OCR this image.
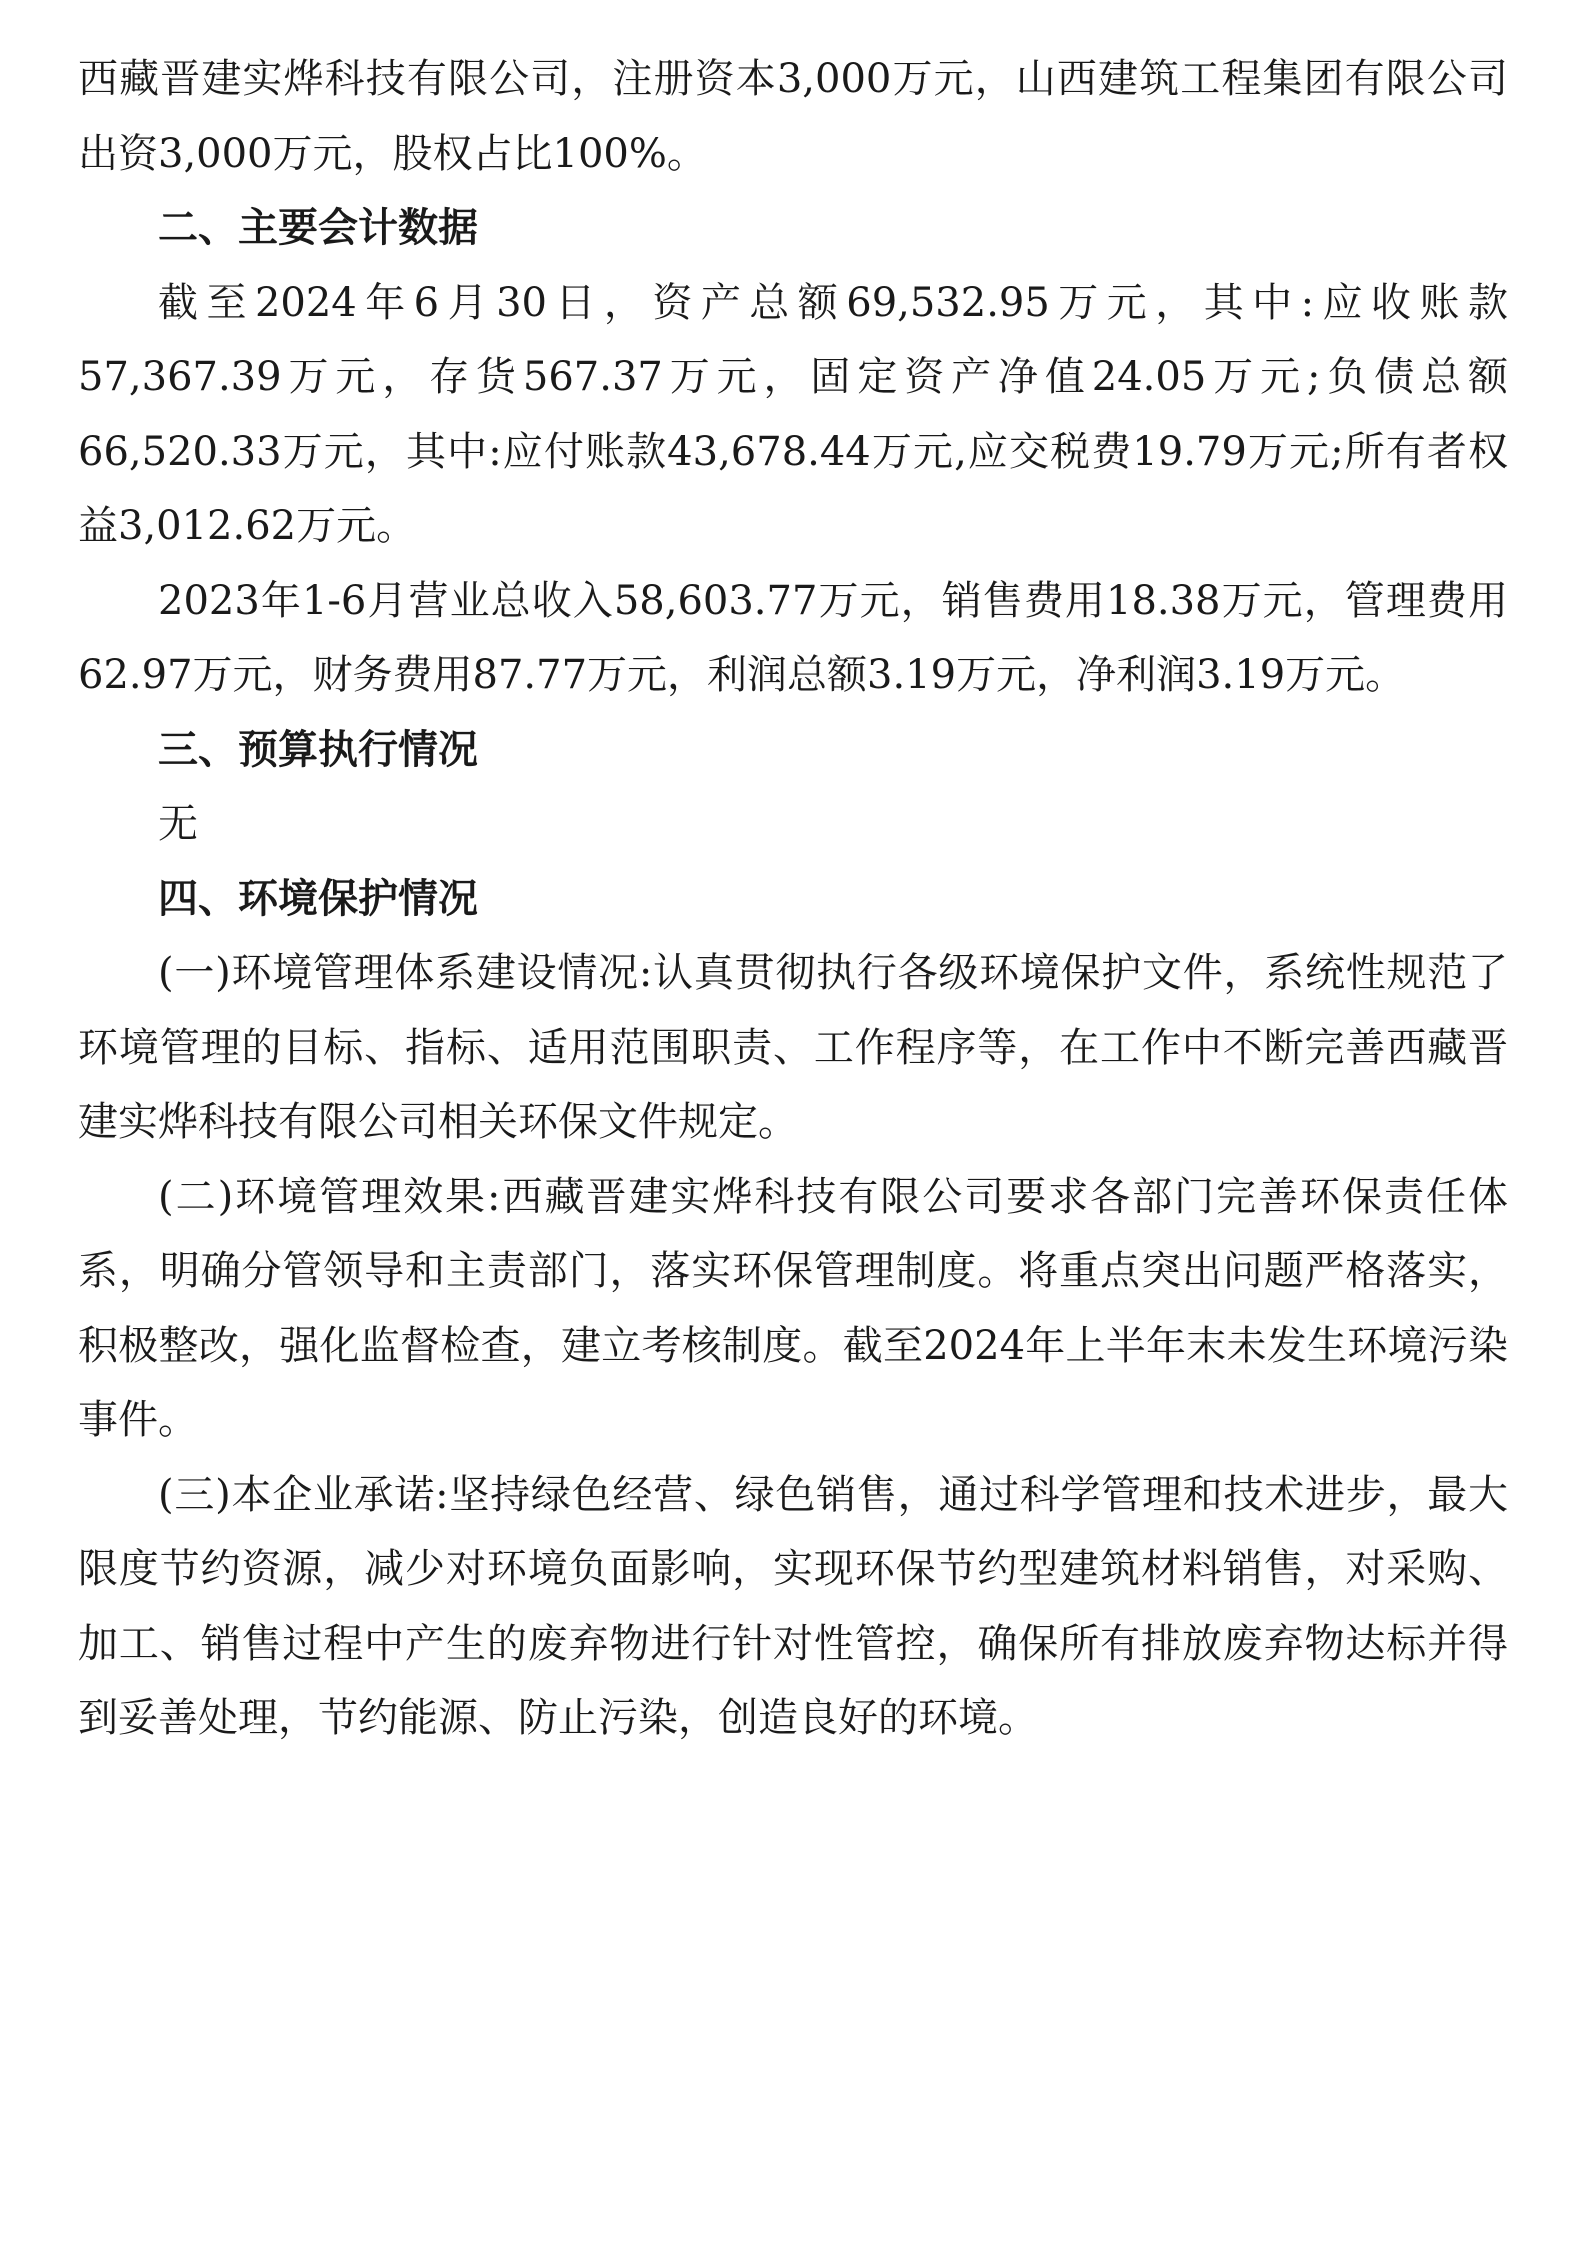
西藏晋建实烨科技有限公司，注册资本3,000万元，山西建筑工程集团有限公司出资3,000万元，股权占比100%。

二、主要会计数据

截至2024年6月30日，资产总额69,532.95万元，其中:应收账款57,367.39万元，存货567.37万元，固定资产净值24.05万元;负债总额66,520.33万元，其中:应付账款43,678.44万元,应交税费19.79万元;所有者权益3,012.62万元。

2023年1-6月营业总收入58,603.77万元，销售费用18.38万元，管理费用62.97万元，财务费用87.77万元，利润总额3.19万元，净利润3.19万元。

三、预算执行情况

无

四、环境保护情况

(一)环境管理体系建设情况:认真贯彻执行各级环境保护文件，系统性规范了环境管理的目标、指标、适用范围职责、工作程序等，在工作中不断完善西藏晋建实烨科技有限公司相关环保文件规定。

(二)环境管理效果:西藏晋建实烨科技有限公司要求各部门完善环保责任体系，明确分管领导和主责部门，落实环保管理制度。将重点突出问题严格落实，积极整改，强化监督检查，建立考核制度。截至2024年上半年末未发生环境污染事件。

(三)本企业承诺:坚持绿色经营、绿色销售，通过科学管理和技术进步，最大限度节约资源，减少对环境负面影响，实现环保节约型建筑材料销售，对采购、加工、销售过程中产生的废弃物进行针对性管控，确保所有排放废弃物达标并得到妥善处理，节约能源、防止污染，创造良好的环境。
